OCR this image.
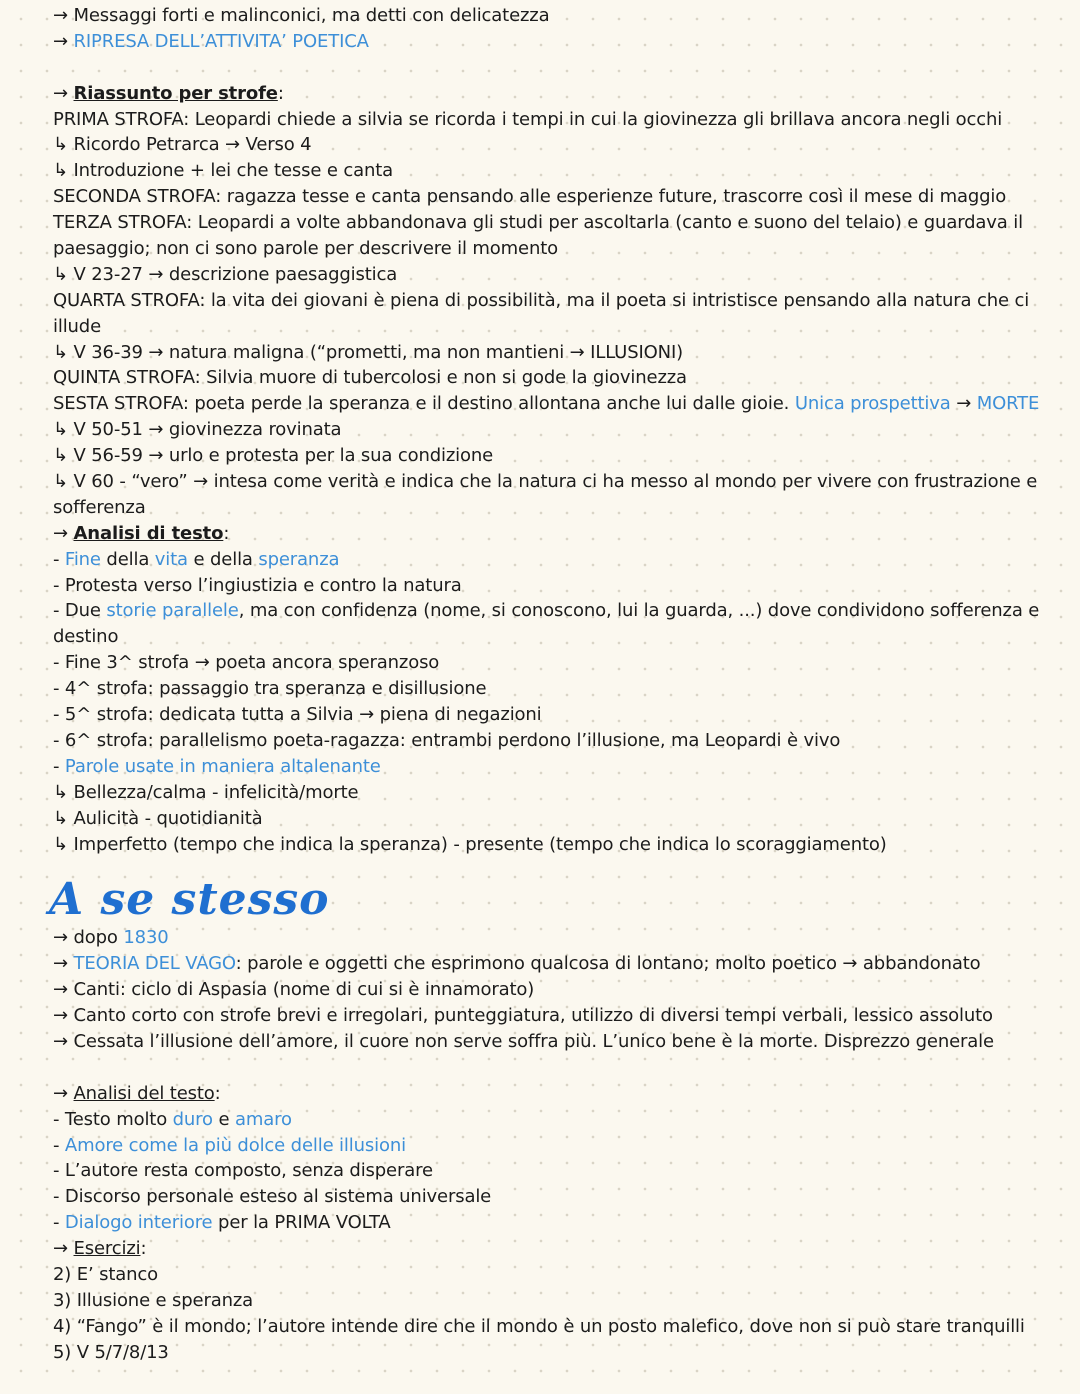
→ Messaggi forti e malinconici, ma detti con delicatezza
→ RIPRESA DELL’ATTIVITA’ POETICA
→ Riassunto per strofe:
PRIMA STROFA: Leopardi chiede a silvia se ricorda i tempi in cui la giovinezza gli brillava ancora negli occhi
↳ Ricordo Petrarca → Verso 4
↳ Introduzione + lei che tesse e canta
SECONDA STROFA: ragazza tesse e canta pensando alle esperienze future, trascorre così il mese di maggio
TERZA STROFA: Leopardi a volte abbandonava gli studi per ascoltarla (canto e suono del telaio) e guardava il
paesaggio; non ci sono parole per descrivere il momento
↳ V 23-27 → descrizione paesaggistica
QUARTA STROFA: la vita dei giovani è piena di possibilità, ma il poeta si intristisce pensando alla natura che ci
illude
↳ V 36-39 → natura maligna (“prometti, ma non mantieni → ILLUSIONI)
QUINTA STROFA: Silvia muore di tubercolosi e non si gode la giovinezza
SESTA STROFA: poeta perde la speranza e il destino allontana anche lui dalle gioie. Unica prospettiva → MORTE
↳ V 50-51 → giovinezza rovinata
↳ V 56-59 → urlo e protesta per la sua condizione
↳ V 60 - “vero” → intesa come verità e indica che la natura ci ha messo al mondo per vivere con frustrazione e
sofferenza
→ Analisi di testo:
- Fine della vita e della speranza
- Protesta verso l’ingiustizia e contro la natura
- Due storie parallele, ma con confidenza (nome, si conoscono, lui la guarda, ...) dove condividono sofferenza e
destino
- Fine 3^ strofa → poeta ancora speranzoso
- 4^ strofa: passaggio tra speranza e disillusione
- 5^ strofa: dedicata tutta a Silvia → piena di negazioni
- 6^ strofa: parallelismo poeta-ragazza: entrambi perdono l’illusione, ma Leopardi è vivo
- Parole usate in maniera altalenante
↳ Bellezza/calma - infelicità/morte
↳ Aulicità - quotidianità
↳ Imperfetto (tempo che indica la speranza) - presente (tempo che indica lo scoraggiamento)
A se stesso
→ dopo 1830
→ TEORIA DEL VAGO: parole e oggetti che esprimono qualcosa di lontano; molto poetico → abbandonato
→ Canti: ciclo di Aspasia (nome di cui si è innamorato)
→ Canto corto con strofe brevi e irregolari, punteggiatura, utilizzo di diversi tempi verbali, lessico assoluto
→ Cessata l’illusione dell’amore, il cuore non serve soffra più. L’unico bene è la morte. Disprezzo generale
→ Analisi del testo:
- Testo molto duro e amaro
- Amore come la più dolce delle illusioni
- L’autore resta composto, senza disperare
- Discorso personale esteso al sistema universale
- Dialogo interiore per la PRIMA VOLTA
→ Esercizi:
2) E’ stanco
3) Illusione e speranza
4) “Fango” è il mondo; l’autore intende dire che il mondo è un posto malefico, dove non si può stare tranquilli
5) V 5/7/8/13
